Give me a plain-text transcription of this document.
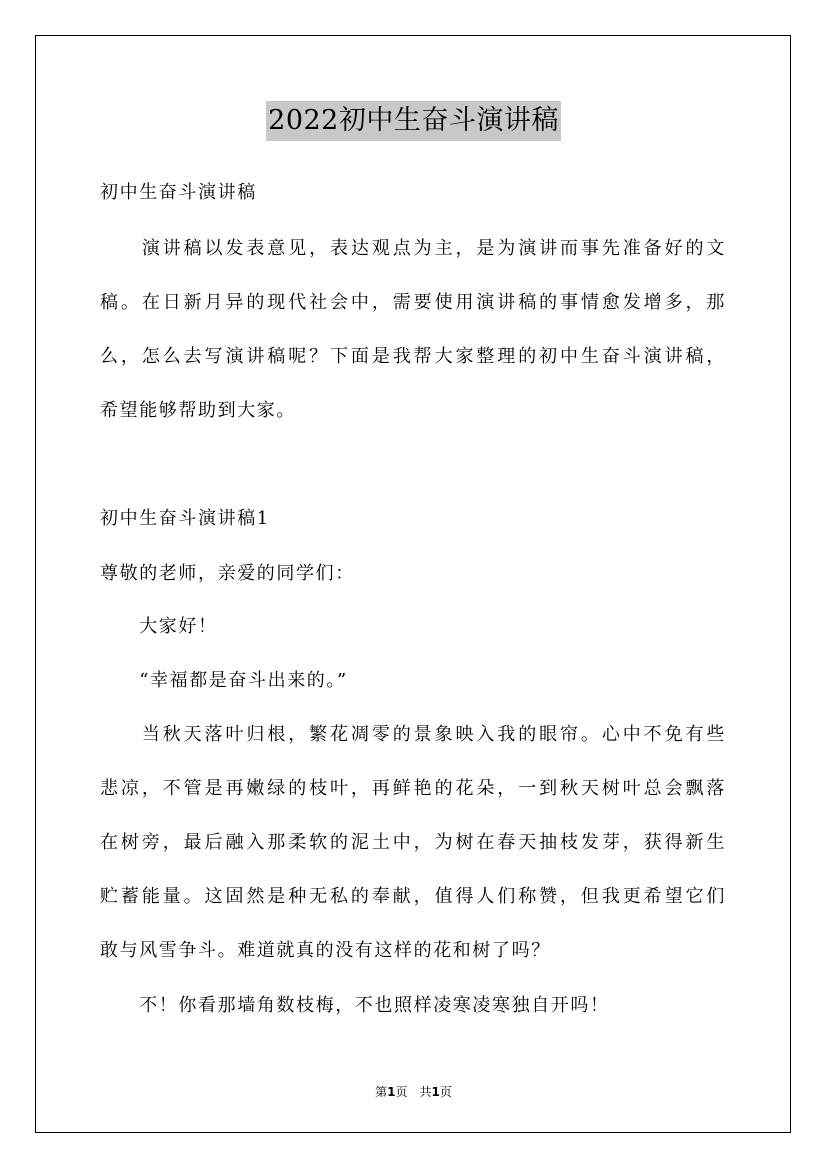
2022初中生奋斗演讲稿
初中生奋斗演讲稿
　　演讲稿以发表意见，表达观点为主，是为演讲而事先准备好的文
稿。在日新月异的现代社会中，需要使用演讲稿的事情愈发增多，那
么，怎么去写演讲稿呢？下面是我帮大家整理的初中生奋斗演讲稿，
希望能够帮助到大家。
初中生奋斗演讲稿1
尊敬的老师，亲爱的同学们：
　　大家好！
　　“幸福都是奋斗出来的。”
　　当秋天落叶归根，繁花凋零的景象映入我的眼帘。心中不免有些
悲凉，不管是再嫩绿的枝叶，再鲜艳的花朵，一到秋天树叶总会飘落
在树旁，最后融入那柔软的泥土中，为树在春天抽枝发芽，获得新生
贮蓄能量。这固然是种无私的奉献，值得人们称赞，但我更希望它们
敢与风雪争斗。难道就真的没有这样的花和树了吗？
　　不！你看那墙角数枝梅，不也照样凌寒凌寒独自开吗！
第1页　共1页
